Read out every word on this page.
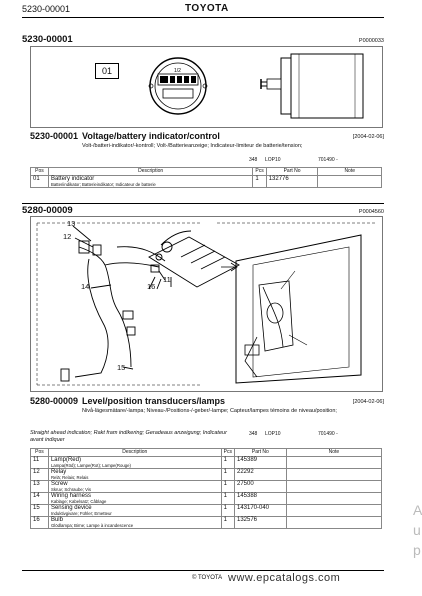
5230-00001	TOYOTA
5230-00001	P0000033
01	1/2
5230-00001 Voltage/battery indicator/control	[2004-02-06]
Volt-/batteri-indikator/-kontroll; Volt-/Batterieanzeige; Indicateur-limiteur de batterie/tension;
348 LOP10	701490 -
Pos	Description	Pcs	Part No	Note
01	Battery indicator
Batteriindikator; Batterieindikator; Indicateur de batterie	1	132776	
5280-00009	P0004560
13
12
14	16
11
15
5280-00009 Level/position transducers/lamps	[2004-02-06]
Nivå-lägesmätare/-lampa; Niveau-/Positions-/-geber/-lampe; Capteur/lampes témoins de niveau/position;
Straight ahead indication; Rakt fram indikering; Geradeaus anzeigung; Indicateur avant indiquer
348 LOP10	701490 -
Pos	Description	Pcs	Part No	Note
11	Lamp(Red)
Lampa(Röd); Lampe(Rot); Lampe(Rouge)	1	145389	
12	Relay
Relä; Relais; Relais	1	22292	
13	Screw
Skruv; Schraube; Vis	1	27500	
14	Wiring harness
Kablage; Kabelsatz; Câblage	1	145388	
15	Sensing device
Induktivgivare; Fühler; Emetteur	1	143170-040	
16	Bulb
Glödlampa; Birne; Lampe à incandescence	1	132576	
A
u
p
© TOYOTA www.epcatalogs.com
